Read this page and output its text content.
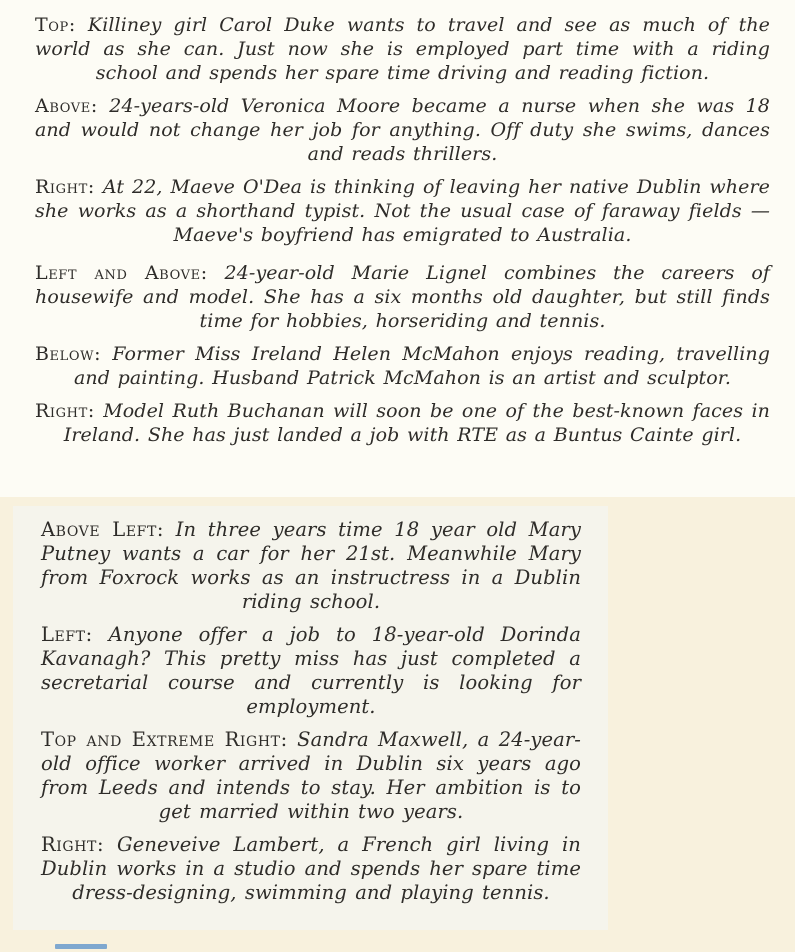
Top: Killiney girl Carol Duke wants to travel and see as much of the world as she can. Just now she is employed part time with a riding school and spends her spare time driving and reading fiction.

Above: 24-years-old Veronica Moore became a nurse when she was 18 and would not change her job for anything. Off duty she swims, dances and reads thrillers.

Right: At 22, Maeve O'Dea is thinking of leaving her native Dublin where she works as a shorthand typist. Not the usual case of faraway fields — Maeve's boyfriend has emigrated to Australia.

Left and Above: 24-year-old Marie Lignel combines the careers of housewife and model. She has a six months old daughter, but still finds time for hobbies, horseriding and tennis.

Below: Former Miss Ireland Helen McMahon enjoys reading, travelling and painting. Husband Patrick McMahon is an artist and sculptor.

Right: Model Ruth Buchanan will soon be one of the best-known faces in Ireland. She has just landed a job with RTE as a Buntus Cainte girl.

Above Left: In three years time 18 year old Mary Putney wants a car for her 21st. Meanwhile Mary from Foxrock works as an instructress in a Dublin riding school.

Left: Anyone offer a job to 18-year-old Dorinda Kavanagh? This pretty miss has just completed a secretarial course and currently is looking for employment.

Top and Extreme Right: Sandra Maxwell, a 24-year-old office worker arrived in Dublin six years ago from Leeds and intends to stay. Her ambition is to get married within two years.

Right: Geneveive Lambert, a French girl living in Dublin works in a studio and spends her spare time dress-designing, swimming and playing tennis.
